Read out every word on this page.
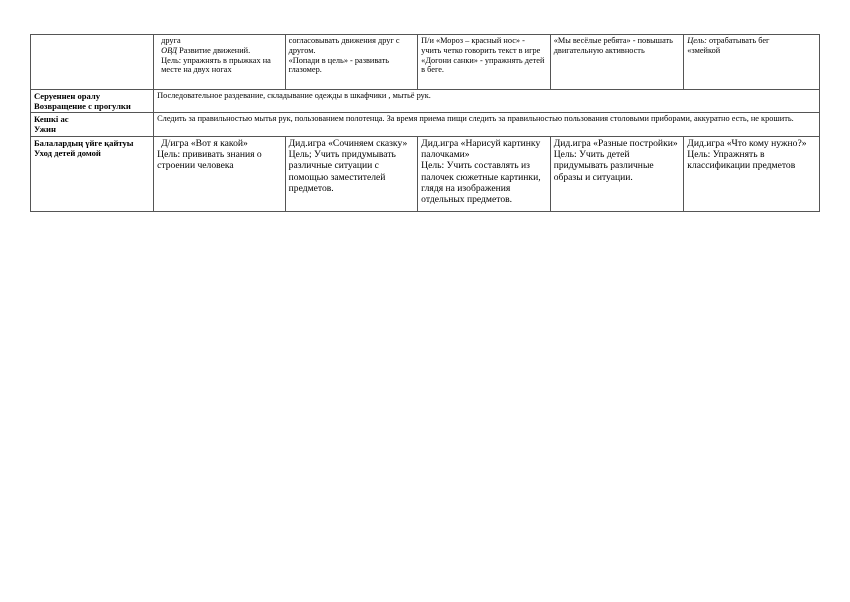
	друга
ОВД Развитие движений.
Цель: упражнять в прыжках на месте на двух ногах	согласовывать движения друг с другом.
«Попади в цель» - развивать глазомер.	П/и «Мороз – красный нос» - учить четко говорить текст в игре
«Догони санки» - упражнять детей в беге.	«Мы весёлые ребята» - повышать двигательную активность	Цель: отрабатывать бег
«змейкой

Серуеннен оралу
Возвращение с прогулки	Последовательное раздевание, складывание одежды в шкафчики , мытьё рук.				

Кешкі ас
Ужин	Следить за правильностью мытья рук, пользованием полотенца. За время приема пищи следить за правильностью пользования столовыми приборами, аккуратно есть, не крошить.				

Балалардың үйге қайтуы
Уход детей домой	Д/игра «Вот я какой»
Цель: прививать знания о строении человека	Дид.игра «Сочиняем сказку»
Цель; Учить придумывать различные ситуации с помощью заместителей предметов.	Дид.игра «Нарисуй картинку палочками»
Цель: Учить составлять из палочек сюжетные картинки, глядя на изображения отдельных предметов.	Дид.игра «Разные постройки»
Цель: Учить детей придумывать различные образы и ситуации.	Дид.игра «Что кому нужно?»
Цель: Упражнять в классификации предметов
